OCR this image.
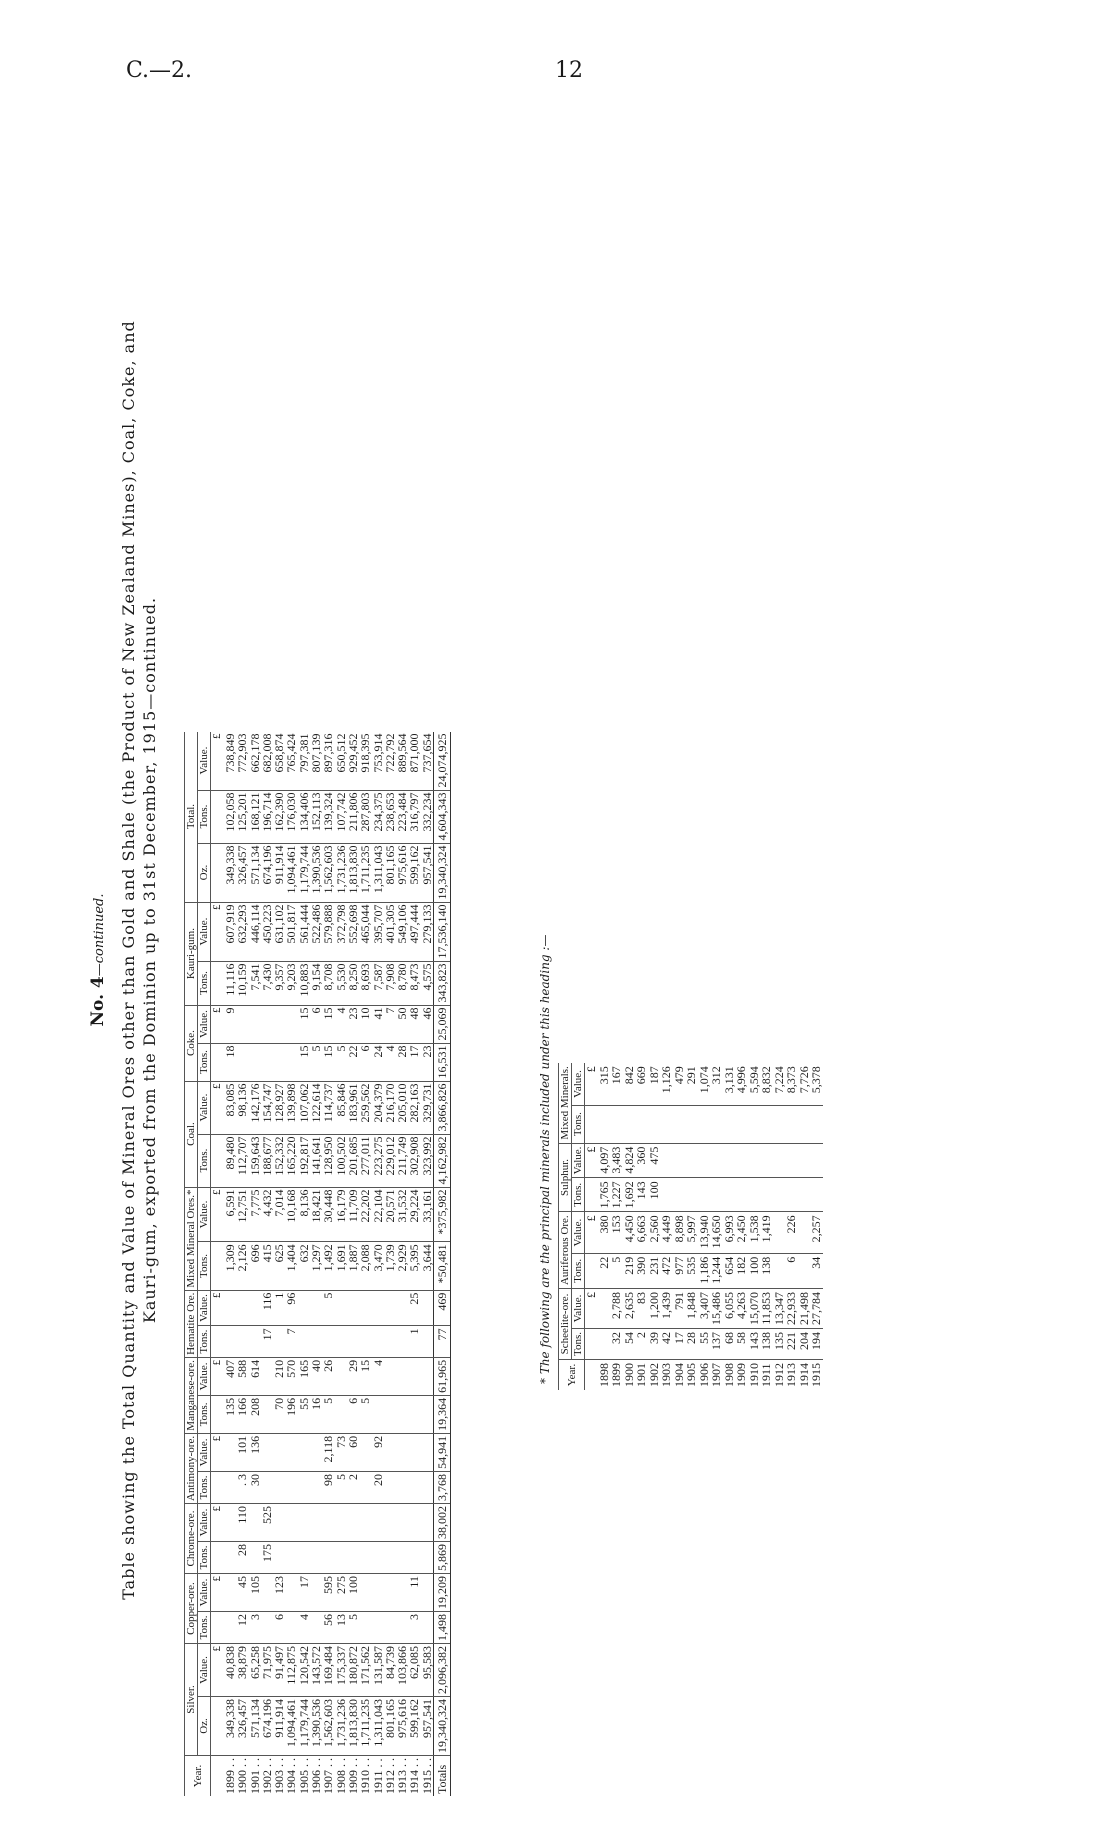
C.—2.	12
No. 4—continued. Table showing the Total Quantity and Value of Mineral Ores other than Gold and Shale (the Product of New Zealand Mines), Coal, Coke, and Kauri-gum, exported from the Dominion up to 31st December, 1915—continued.
Year.	Silver.		Copper-ore.		Chrome-ore.		Antimony-ore.		Manganese-ore.		Hematite Ore.		Mixed Mineral Ores.*		Coal.		Coke.		Kauri-gum.		Total.		
	Oz.	Value.	Tons.	Value.	Tons.	Value.	Tons.	Value.	Tons.	Value.	Tons.	Value.	Tons.	Value.	Tons.	Value.	Tons.	Value.	Tons.	Value.	Oz.	Tons.	Value.
		£		£		£		£		£		£		£		£		£		£			£
1899 . .	349,338	40,838							135	407			1,309	6,591	89,480	83,085	18	9	11,116	607,919	349,338	102,058	738,849
1900 . .	326,457	38,879	12	45	28	110	. 3	101	166	588			2,126	12,751	112,707	98,136			10,159	632,293	326,457	125,201	772,903
1901 . .	571,134	65,258	3	105			30	136	208	614			696	7,775	159,643	142,176			7,541	446,114	571,134	168,121	662,178
1902 . .	674,196	71,975			175	525					17	116	415	4,432	188,677	154,747			7,430	450,223	674,196	196,714	682,008
1903 . .	911,914	91,497	6	123					70	210		1	625	7,014	152,332	128,927			9,357	631,102	911,914	162,390	658,874
1904 . .	1,094,461	112,875							196	570	7	96	1,404	10,168	165,220	139,898			9,203	501,817	1,094,461	176,030	765,424
1905 . .	1,179,744	120,542	4	17					55	165			632	8,136	192,817	107,062	15	15	10,883	561,444	1,179,744	134,406	797,381
1906 . .	1,390,536	143,572							16	40			1,297	18,421	141,641	122,614	5	6	9,154	522,486	1,390,536	152,113	807,139
1907 . .	1,562,603	169,484	56	595			98	2,118	5	26		5	1,492	30,448	128,950	114,737	15	15	8,708	579,888	1,562,603	139,324	897,316
1908 . .	1,731,236	175,337	13	275			5	73					1,691	16,179	100,502	85,846	5	4	5,530	372,798	1,731,236	107,742	650,512
1909 . .	1,813,830	180,872	5	100			2	60	6	29			1,887	11,709	201,685	183,961	22	23	8,250	552,698	1,813,830	211,806	929,452
1910 . .	1,711,235	171,562							5	15			2,088	22,202	277,011	259,562	6	10	8,693	465,044	1,711,235	287,803	918,395
1911 . .	1,311,043	131,587					20	92		4			3,470	22,104	223,275	204,379	24	41	7,587	395,707	1,311,043	234,375	753,914
1912 . .	801,165	84,739											1,739	20,571	229,012	216,170	4	7	7,908	401,305	801,165	238,653	722,792
1913 . .	975,616	103,866											2,929	31,532	211,749	205,010	28	50	8,780	549,106	975,616	223,484	889,564
1914 . .	599,162	62,085	3	11							1	25	5,395	29,224	302,908	282,163	17	48	8,473	497,444	599,162	316,797	871,000
1915 . .	957,541	95,583											3,644	33,161	323,992	329,731	23	46	4,575	279,133	957,541	332,234	737,654
Totals	19,340,324	2,096,382	1,498	19,209	5,869	38,002	3,768	54,941	19,364	61,965	77	469	*50,481	*375,982	4,162,982	3,866,826	16,531	25,069	343,823	17,536,140	19,340,324	4,604,343	24,074,925
* The following are the principal minerals included under this heading :— Year.	Scheelite-ore.		Auriferous Ore.		Sulphur.		Mixed Minerals.	
	Tons.	Value.	Tons.	Value.	Tons.	Value.	Tons.	Value.
		£		£		£		£
1898			22	380	1,765	4,097		315
1899	32	2,788	5	153	1,227	3,483		167
1900	54	2,635	219	4,450	1,692	4,824		842
1901	2	83	390	6,663	143	360		669
1902	39	1,200	231	2,560	100	475		187
1903	42	1,439	472	4,449				1,126
1904	17	791	977	8,898				479
1905	28	1,848	535	5,997				291
1906	55	3,407	1,186	13,940				1,074
1907	137	15,486	1,244	14,650				312
1908	68	6,055	654	6,993				3,131
1909	58	4,263	182	2,450				4,996
1910	143	15,070	100	1,538				5,594
1911	138	11,853	138	1,419				8,832
1912	135	13,347						7,224
1913	221	22,933	6	226				8,373
1914	204	21,498						7,726
1915	194	27,784	34	2,257				5,378
